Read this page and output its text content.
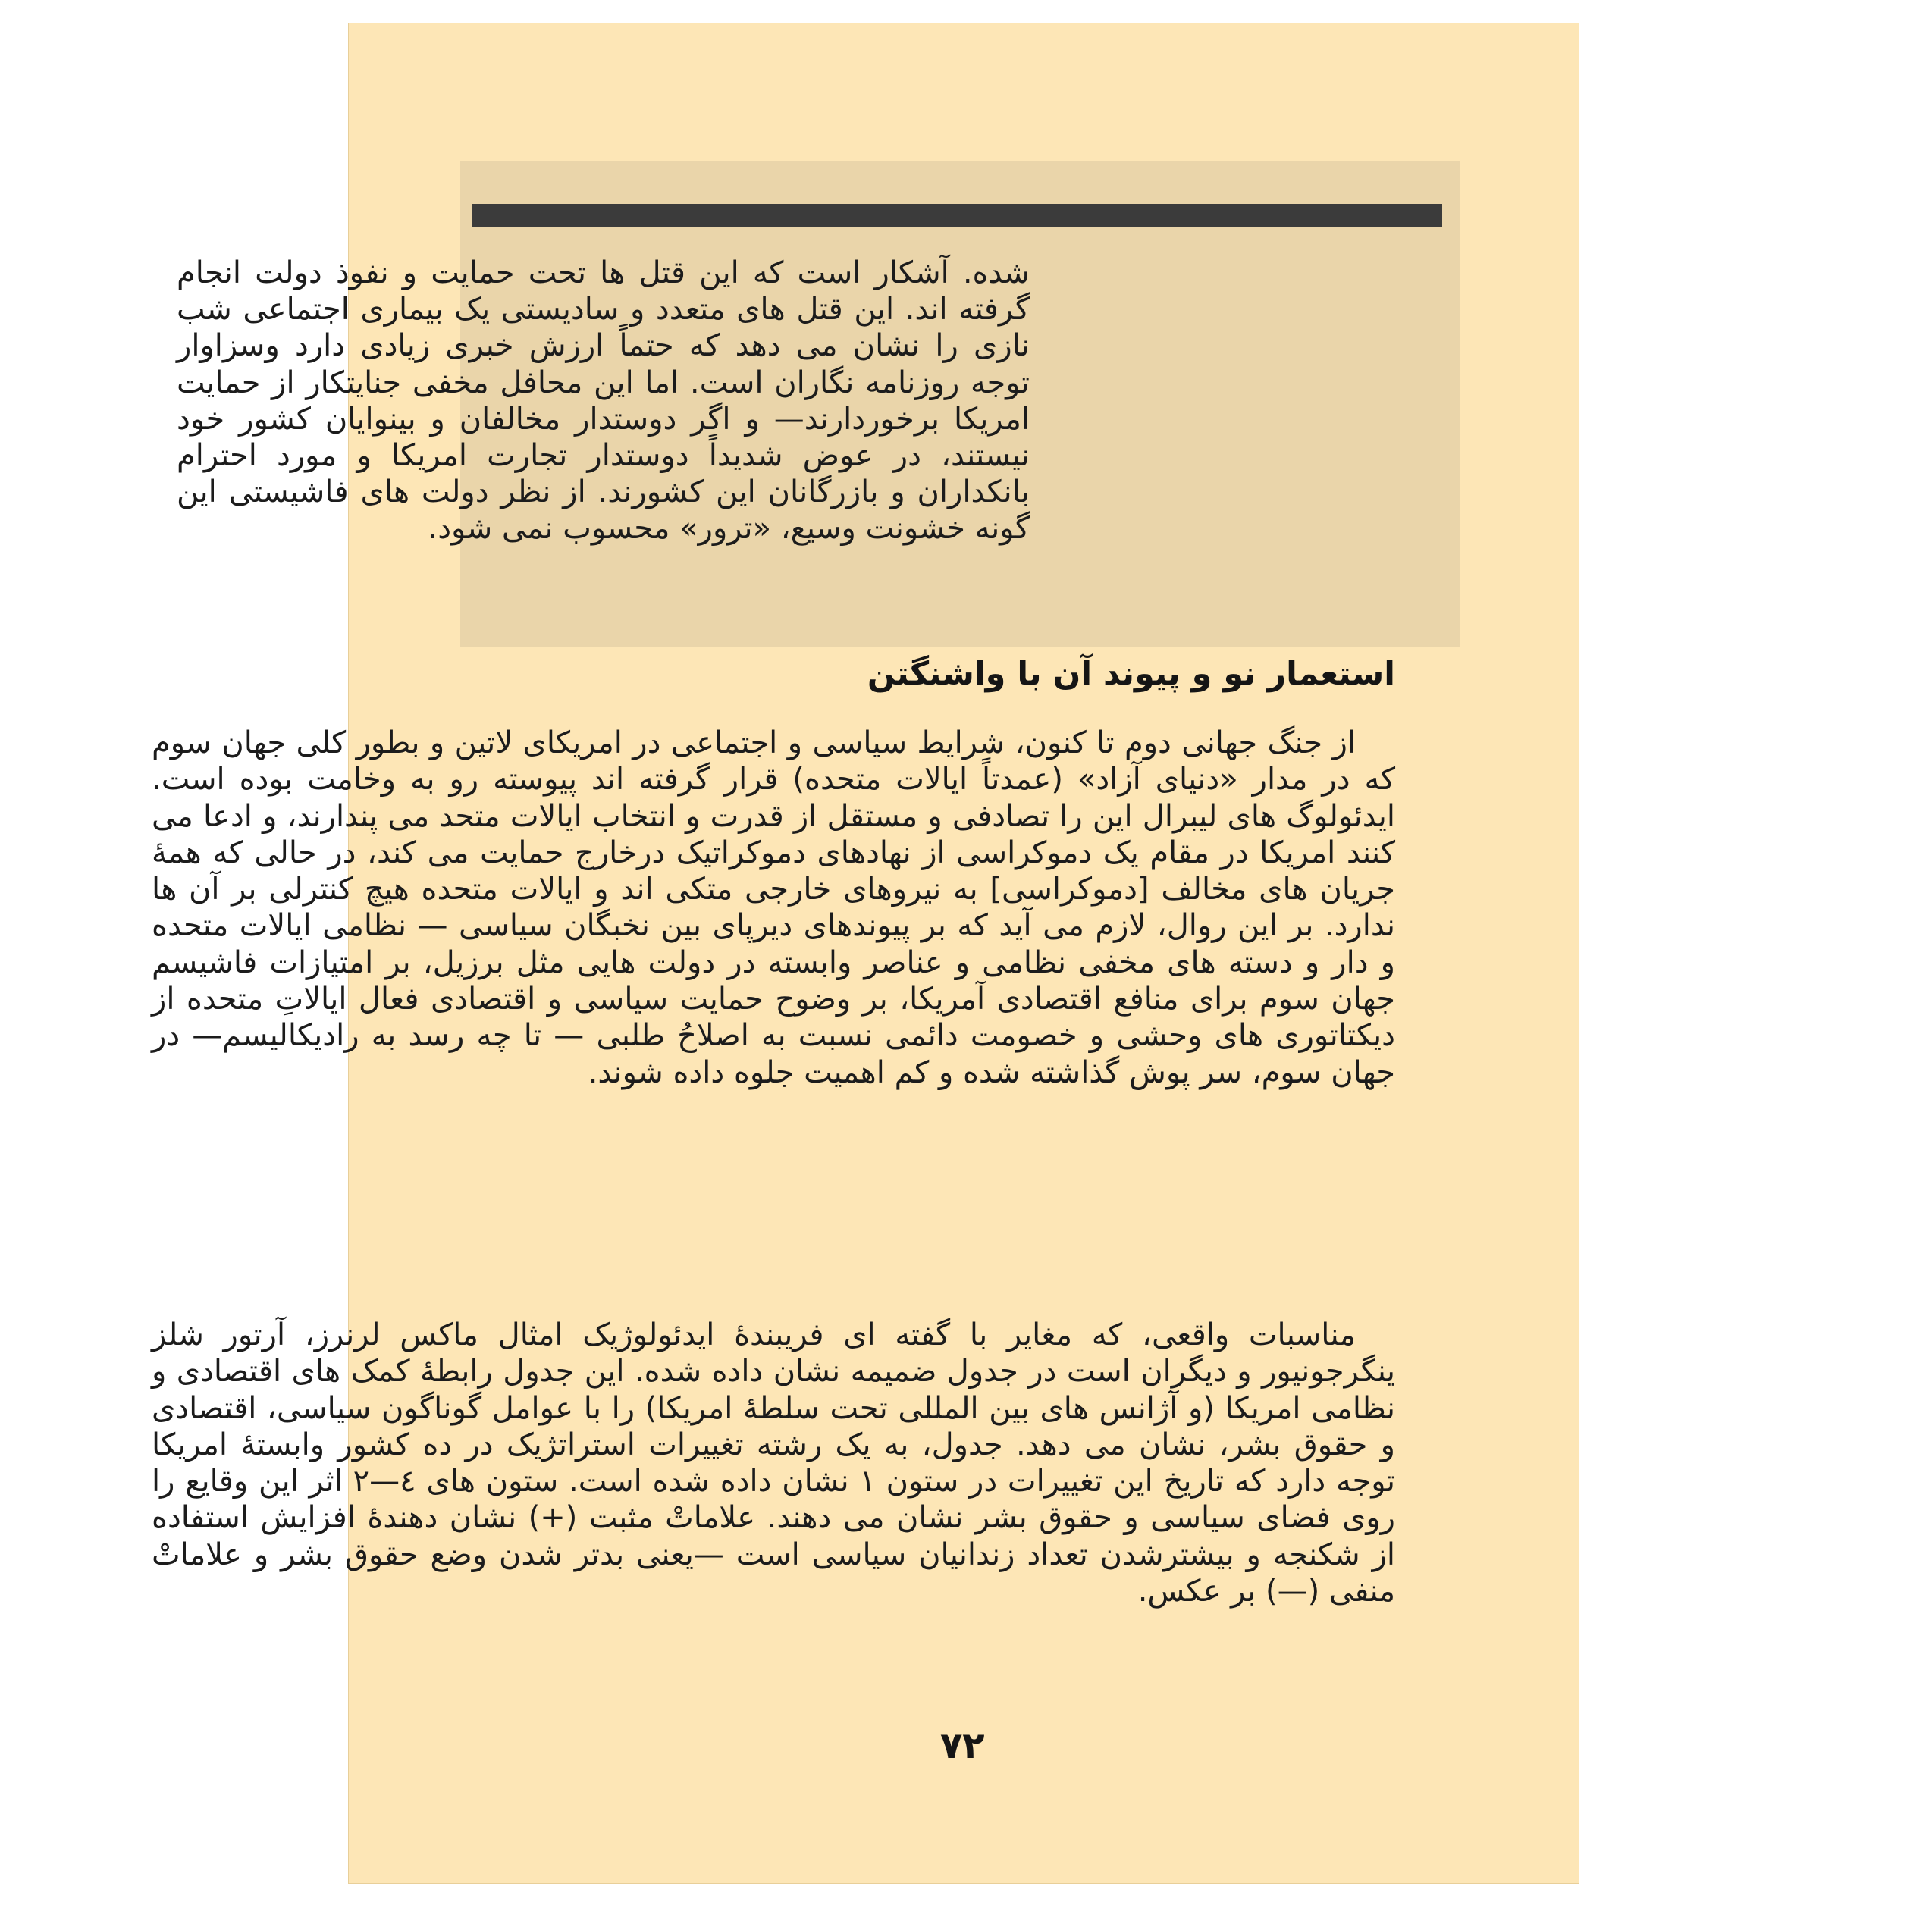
شده. آشکار است که این قتل ها تحت حمایت و نفوذ دولت انجام گرفته اند. این قتل های متعدد و سادیستی یک بیماری اجتماعی شب نازی را نشان می دهد که حتماً ارزش خبری زیادی دارد وسزاوار توجه روزنامه نگاران است. اما این محافل مخفی جنایتکار از حمایت امریکا برخوردارند— و اگر دوستدار مخالفان و بینوایان کشور خود نیستند، در عوض شدیداً دوستدار تجارت امریکا و مورد احترام بانکداران و بازرگانان این کشورند. از نظر دولت های فاشیستی این گونه خشونت وسیع، «ترور» محسوب نمی شود.

استعمار نو و پیوند آن با واشنگتن

از جنگ جهانی دوم تا کنون، شرایط سیاسی و اجتماعی در امریکای لاتین و بطور کلی جهان سوم که در مدار «دنیای آزاد» (عمدتاً ایالات متحده) قرار گرفته اند پیوسته رو به وخامت بوده است. ایدئولوگ های لیبرال این را تصادفی و مستقل از قدرت و انتخاب ایالات متحد می پندارند، و ادعا می کنند امریکا در مقام یک دموکراسی از نهادهای دموکراتیک درخارج حمایت می کند، در حالی که همهٔ جریان های مخالف [دموکراسی] به نیروهای خارجی متکی اند و ایالات متحده هیچ کنترلی بر آن ها ندارد. بر این روال، لازم می آید که بر پیوندهای دیرپای بین نخبگان سیاسی — نظامی ایالات متحده و دار و دسته های مخفی نظامی و عناصر وابسته در دولت هایی مثل برزیل، بر امتیازات فاشیسم جهان سوم برای منافع اقتصادی آمریکا، بر وضوح حمایت سیاسی و اقتصادی فعال ایالاتِ متحده از دیکتاتوری های وحشی و خصومت دائمی نسبت به اصلاحُ طلبی — تا چه رسد به رادیکالیسم— در جهان سوم، سر پوش گذاشته شده و کم اهمیت جلوه داده شوند.

مناسبات واقعی، که مغایر با گفته ای فریبندهٔ ایدئولوژیک امثال ماکس لرنرز، آرتور شلز ینگرجونیور و دیگران است در جدول ضمیمه نشان داده شده. این جدول رابطهٔ کمک های اقتصادی و نظامی امریکا (و آژانس های بین المللی تحت سلطهٔ امریکا) را با عوامل گوناگون سیاسی، اقتصادی و حقوق بشر، نشان می دهد. جدول، به یک رشته تغییرات استراتژیک در ده کشور وابستهٔ امریکا توجه دارد که تاریخ این تغییرات در ستون ۱ نشان داده شده است. ستون های ٤—۲ اثر این وقایع را روی فضای سیاسی و حقوق بشر نشان می دهند. علاماتْ مثبت (+) نشان دهندهٔ افزایش استفاده از شکنجه و بیشترشدن تعداد زندانیان سیاسی است —یعنی بدتر شدن وضع حقوق بشر و علاماتْ منفی (—) بر عکس.

۷۲
